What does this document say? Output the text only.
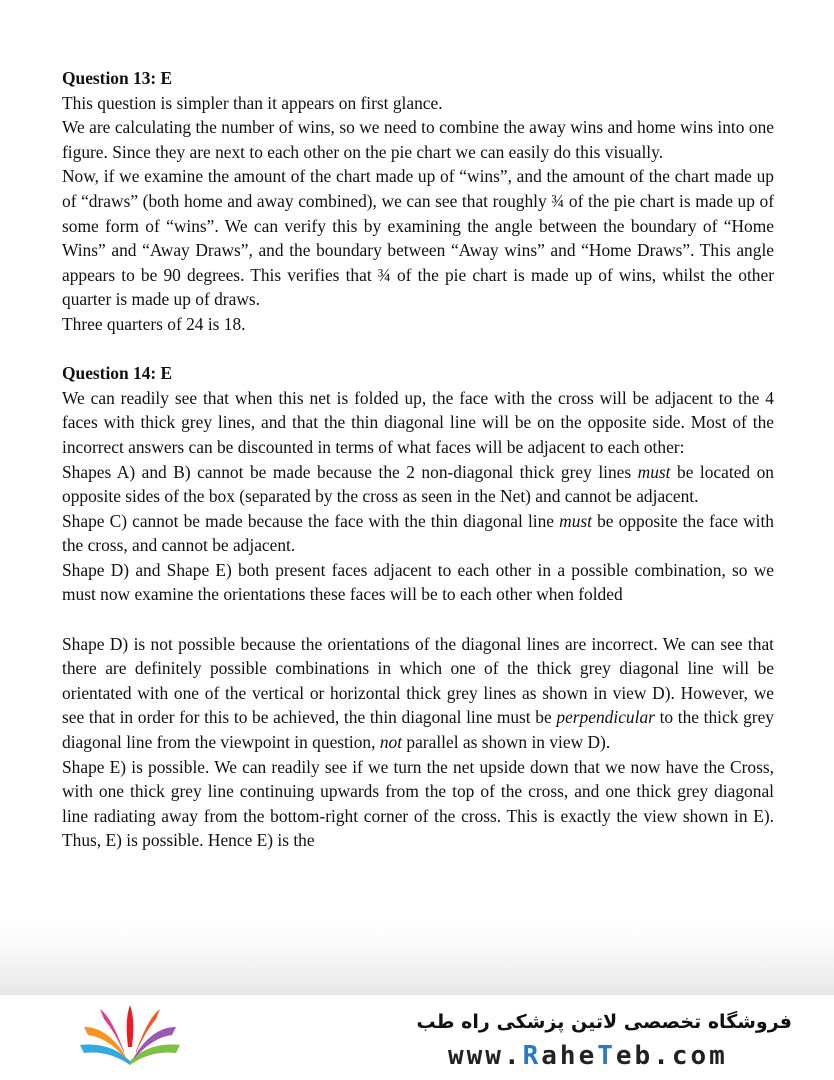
Question 13: E

This question is simpler than it appears on first glance.

We are calculating the number of wins, so we need to combine the away wins and home wins into one figure. Since they are next to each other on the pie chart we can easily do this visually.

Now, if we examine the amount of the chart made up of “wins”, and the amount of the chart made up of “draws” (both home and away combined), we can see that roughly ¾ of the pie chart is made up of some form of “wins”. We can verify this by examining the angle between the boundary of “Home Wins” and “Away Draws”, and the boundary between “Away wins” and “Home Draws”. This angle appears to be 90 degrees. This verifies that ¾ of the pie chart is made up of wins, whilst the other quarter is made up of draws.

Three quarters of 24 is 18.

Question 14: E

We can readily see that when this net is folded up, the face with the cross will be adjacent to the 4 faces with thick grey lines, and that the thin diagonal line will be on the opposite side. Most of the incorrect answers can be discounted in terms of what faces will be adjacent to each other:

Shapes A) and B) cannot be made because the 2 non-diagonal thick grey lines must be located on opposite sides of the box (separated by the cross as seen in the Net) and cannot be adjacent.

Shape C) cannot be made because the face with the thin diagonal line must be opposite the face with the cross, and cannot be adjacent.

Shape D) and Shape E) both present faces adjacent to each other in a possible combination, so we must now examine the orientations these faces will be to each other when folded

Shape D) is not possible because the orientations of the diagonal lines are incorrect. We can see that there are definitely possible combinations in which one of the thick grey diagonal line will be orientated with one of the vertical or horizontal thick grey lines as shown in view D). However, we see that in order for this to be achieved, the thin diagonal line must be perpendicular to the thick grey diagonal line from the viewpoint in question, not parallel as shown in view D).

Shape E) is possible. We can readily see if we turn the net upside down that we now have the Cross, with one thick grey line continuing upwards from the top of the cross, and one thick grey diagonal line radiating away from the bottom-right corner of the cross. This is exactly the view shown in E). Thus, E) is possible. Hence E) is the

فروشگاه تخصصی لاتین پزشکی راه طب
www.RaheTeb.com
